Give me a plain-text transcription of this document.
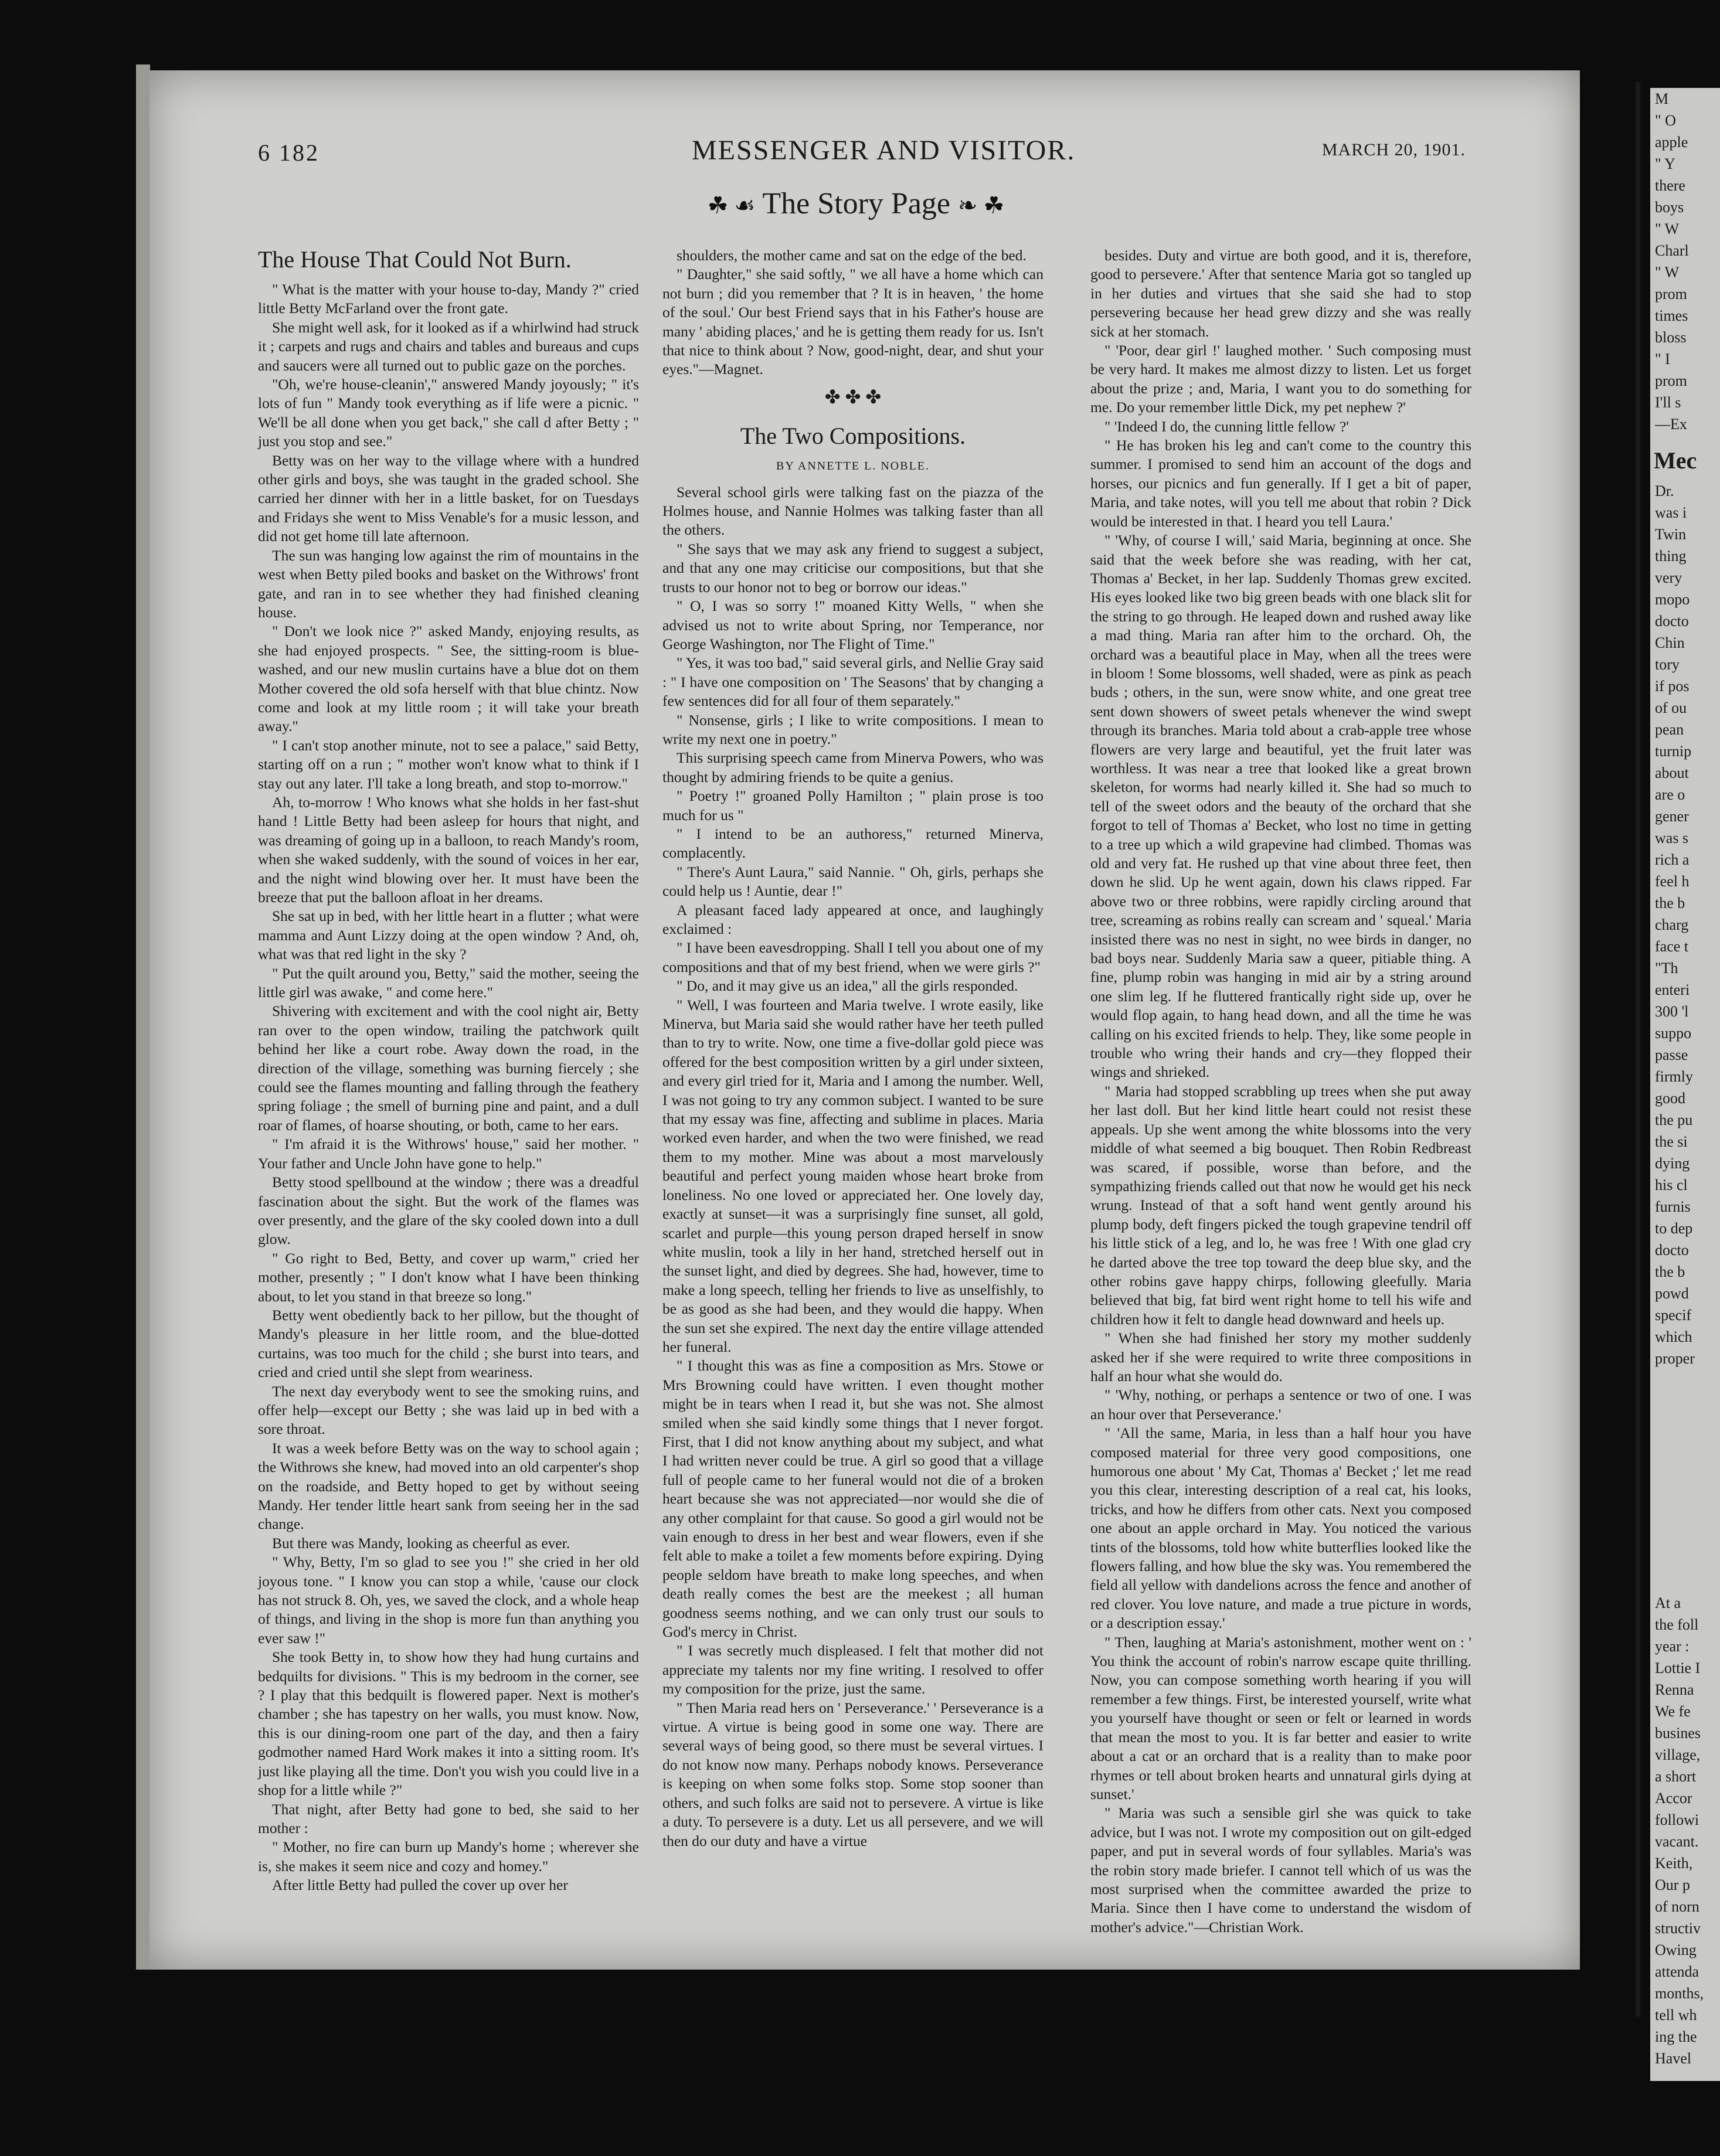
6 182	MESSENGER AND VISITOR.	MARCH 20, 1901.
☘ ☙ The Story Page ❧ ☘
The House That Could Not Burn.

" What is the matter with your house to-day, Mandy ?" cried little Betty McFarland over the front gate.

She might well ask, for it looked as if a whirlwind had struck it ; carpets and rugs and chairs and tables and bureaus and cups and saucers were all turned out to public gaze on the porches.

"Oh, we're house-cleanin'," answered Mandy joyously; " it's lots of fun " Mandy took everything as if life were a picnic. " We'll be all done when you get back," she call d after Betty ; " just you stop and see."

Betty was on her way to the village where with a hundred other girls and boys, she was taught in the graded school. She carried her dinner with her in a little basket, for on Tuesdays and Fridays she went to Miss Venable's for a music lesson, and did not get home till late afternoon.

The sun was hanging low against the rim of mountains in the west when Betty piled books and basket on the Withrows' front gate, and ran in to see whether they had finished cleaning house.

" Don't we look nice ?" asked Mandy, enjoying results, as she had enjoyed prospects. " See, the sitting-room is blue-washed, and our new muslin curtains have a blue dot on them Mother covered the old sofa herself with that blue chintz. Now come and look at my little room ; it will take your breath away."

" I can't stop another minute, not to see a palace," said Betty, starting off on a run ; " mother won't know what to think if I stay out any later. I'll take a long breath, and stop to-morrow."

Ah, to-morrow ! Who knows what she holds in her fast-shut hand ! Little Betty had been asleep for hours that night, and was dreaming of going up in a balloon, to reach Mandy's room, when she waked suddenly, with the sound of voices in her ear, and the night wind blowing over her. It must have been the breeze that put the balloon afloat in her dreams.

She sat up in bed, with her little heart in a flutter ; what were mamma and Aunt Lizzy doing at the open window ? And, oh, what was that red light in the sky ?

" Put the quilt around you, Betty," said the mother, seeing the little girl was awake, " and come here."

Shivering with excitement and with the cool night air, Betty ran over to the open window, trailing the patchwork quilt behind her like a court robe. Away down the road, in the direction of the village, something was burning fiercely ; she could see the flames mounting and falling through the feathery spring foliage ; the smell of burning pine and paint, and a dull roar of flames, of hoarse shouting, or both, came to her ears.

" I'm afraid it is the Withrows' house," said her mother. " Your father and Uncle John have gone to help."

Betty stood spellbound at the window ; there was a dreadful fascination about the sight. But the work of the flames was over presently, and the glare of the sky cooled down into a dull glow.

" Go right to Bed, Betty, and cover up warm," cried her mother, presently ; " I don't know what I have been thinking about, to let you stand in that breeze so long."

Betty went obediently back to her pillow, but the thought of Mandy's pleasure in her little room, and the blue-dotted curtains, was too much for the child ; she burst into tears, and cried and cried until she slept from weariness.

The next day everybody went to see the smoking ruins, and offer help—except our Betty ; she was laid up in bed with a sore throat.

It was a week before Betty was on the way to school again ; the Withrows she knew, had moved into an old carpenter's shop on the roadside, and Betty hoped to get by without seeing Mandy. Her tender little heart sank from seeing her in the sad change.

But there was Mandy, looking as cheerful as ever.

" Why, Betty, I'm so glad to see you !" she cried in her old joyous tone. " I know you can stop a while, 'cause our clock has not struck 8. Oh, yes, we saved the clock, and a whole heap of things, and living in the shop is more fun than anything you ever saw !"

She took Betty in, to show how they had hung curtains and bedquilts for divisions. " This is my bedroom in the corner, see ? I play that this bedquilt is flowered paper. Next is mother's chamber ; she has tapestry on her walls, you must know. Now, this is our dining-room one part of the day, and then a fairy godmother named Hard Work makes it into a sitting room. It's just like playing all the time. Don't you wish you could live in a shop for a little while ?"

That night, after Betty had gone to bed, she said to her mother :

" Mother, no fire can burn up Mandy's home ; wherever she is, she makes it seem nice and cozy and homey."

After little Betty had pulled the cover up over her

shoulders, the mother came and sat on the edge of the bed.

" Daughter," she said softly, " we all have a home which can not burn ; did you remember that ? It is in heaven, ' the home of the soul.' Our best Friend says that in his Father's house are many ' abiding places,' and he is getting them ready for us. Isn't that nice to think about ? Now, good-night, dear, and shut your eyes."—Magnet.

✤ ✤ ✤

The Two Compositions.

BY ANNETTE L. NOBLE.

Several school girls were talking fast on the piazza of the Holmes house, and Nannie Holmes was talking faster than all the others.

" She says that we may ask any friend to suggest a subject, and that any one may criticise our compositions, but that she trusts to our honor not to beg or borrow our ideas."

" O, I was so sorry !" moaned Kitty Wells, " when she advised us not to write about Spring, nor Temperance, nor George Washington, nor The Flight of Time."

" Yes, it was too bad," said several girls, and Nellie Gray said : " I have one composition on ' The Seasons' that by changing a few sentences did for all four of them separately."

" Nonsense, girls ; I like to write compositions. I mean to write my next one in poetry."

This surprising speech came from Minerva Powers, who was thought by admiring friends to be quite a genius.

" Poetry !" groaned Polly Hamilton ; " plain prose is too much for us "

" I intend to be an authoress," returned Minerva, complacently.

" There's Aunt Laura," said Nannie. " Oh, girls, perhaps she could help us ! Auntie, dear !"

A pleasant faced lady appeared at once, and laughingly exclaimed :

" I have been eavesdropping. Shall I tell you about one of my compositions and that of my best friend, when we were girls ?"

" Do, and it may give us an idea," all the girls responded.

" Well, I was fourteen and Maria twelve. I wrote easily, like Minerva, but Maria said she would rather have her teeth pulled than to try to write. Now, one time a five-dollar gold piece was offered for the best composition written by a girl under sixteen, and every girl tried for it, Maria and I among the number. Well, I was not going to try any common subject. I wanted to be sure that my essay was fine, affecting and sublime in places. Maria worked even harder, and when the two were finished, we read them to my mother. Mine was about a most marvelously beautiful and perfect young maiden whose heart broke from loneliness. No one loved or appreciated her. One lovely day, exactly at sunset—it was a surprisingly fine sunset, all gold, scarlet and purple—this young person draped herself in snow white muslin, took a lily in her hand, stretched herself out in the sunset light, and died by degrees. She had, however, time to make a long speech, telling her friends to live as unselfishly, to be as good as she had been, and they would die happy. When the sun set she expired. The next day the entire village attended her funeral.

" I thought this was as fine a composition as Mrs. Stowe or Mrs Browning could have written. I even thought mother might be in tears when I read it, but she was not. She almost smiled when she said kindly some things that I never forgot. First, that I did not know anything about my subject, and what I had written never could be true. A girl so good that a village full of people came to her funeral would not die of a broken heart because she was not appreciated—nor would she die of any other complaint for that cause. So good a girl would not be vain enough to dress in her best and wear flowers, even if she felt able to make a toilet a few moments before expiring. Dying people seldom have breath to make long speeches, and when death really comes the best are the meekest ; all human goodness seems nothing, and we can only trust our souls to God's mercy in Christ.

" I was secretly much displeased. I felt that mother did not appreciate my talents nor my fine writing. I resolved to offer my composition for the prize, just the same.

" Then Maria read hers on ' Perseverance.' ' Perseverance is a virtue. A virtue is being good in some one way. There are several ways of being good, so there must be several virtues. I do not know now many. Perhaps nobody knows. Perseverance is keeping on when some folks stop. Some stop sooner than others, and such folks are said not to persevere. A virtue is like a duty. To persevere is a duty. Let us all persevere, and we will then do our duty and have a virtue

besides. Duty and virtue are both good, and it is, therefore, good to persevere.' After that sentence Maria got so tangled up in her duties and virtues that she said she had to stop persevering because her head grew dizzy and she was really sick at her stomach.

" 'Poor, dear girl !' laughed mother. ' Such composing must be very hard. It makes me almost dizzy to listen. Let us forget about the prize ; and, Maria, I want you to do something for me. Do your remember little Dick, my pet nephew ?'

" 'Indeed I do, the cunning little fellow ?'

" He has broken his leg and can't come to the country this summer. I promised to send him an account of the dogs and horses, our picnics and fun generally. If I get a bit of paper, Maria, and take notes, will you tell me about that robin ? Dick would be interested in that. I heard you tell Laura.'

" 'Why, of course I will,' said Maria, beginning at once. She said that the week before she was reading, with her cat, Thomas a' Becket, in her lap. Suddenly Thomas grew excited. His eyes looked like two big green beads with one black slit for the string to go through. He leaped down and rushed away like a mad thing. Maria ran after him to the orchard. Oh, the orchard was a beautiful place in May, when all the trees were in bloom ! Some blossoms, well shaded, were as pink as peach buds ; others, in the sun, were snow white, and one great tree sent down showers of sweet petals whenever the wind swept through its branches. Maria told about a crab-apple tree whose flowers are very large and beautiful, yet the fruit later was worthless. It was near a tree that looked like a great brown skeleton, for worms had nearly killed it. She had so much to tell of the sweet odors and the beauty of the orchard that she forgot to tell of Thomas a' Becket, who lost no time in getting to a tree up which a wild grapevine had climbed. Thomas was old and very fat. He rushed up that vine about three feet, then down he slid. Up he went again, down his claws ripped. Far above two or three robbins, were rapidly circling around that tree, screaming as robins really can scream and ' squeal.' Maria insisted there was no nest in sight, no wee birds in danger, no bad boys near. Suddenly Maria saw a queer, pitiable thing. A fine, plump robin was hanging in mid air by a string around one slim leg. If he fluttered frantically right side up, over he would flop again, to hang head down, and all the time he was calling on his excited friends to help. They, like some people in trouble who wring their hands and cry—they flopped their wings and shrieked.

" Maria had stopped scrabbling up trees when she put away her last doll. But her kind little heart could not resist these appeals. Up she went among the white blossoms into the very middle of what seemed a big bouquet. Then Robin Redbreast was scared, if possible, worse than before, and the sympathizing friends called out that now he would get his neck wrung. Instead of that a soft hand went gently around his plump body, deft fingers picked the tough grapevine tendril off his little stick of a leg, and lo, he was free ! With one glad cry he darted above the tree top toward the deep blue sky, and the other robins gave happy chirps, following gleefully. Maria believed that big, fat bird went right home to tell his wife and children how it felt to dangle head downward and heels up.

" When she had finished her story my mother suddenly asked her if she were required to write three compositions in half an hour what she would do.

" 'Why, nothing, or perhaps a sentence or two of one. I was an hour over that Perseverance.'

" 'All the same, Maria, in less than a half hour you have composed material for three very good compositions, one humorous one about ' My Cat, Thomas a' Becket ;' let me read you this clear, interesting description of a real cat, his looks, tricks, and how he differs from other cats. Next you composed one about an apple orchard in May. You noticed the various tints of the blossoms, told how white butterflies looked like the flowers falling, and how blue the sky was. You remembered the field all yellow with dandelions across the fence and another of red clover. You love nature, and made a true picture in words, or a description essay.'

" Then, laughing at Maria's astonishment, mother went on : ' You think the account of robin's narrow escape quite thrilling. Now, you can compose something worth hearing if you will remember a few things. First, be interested yourself, write what you yourself have thought or seen or felt or learned in words that mean the most to you. It is far better and easier to write about a cat or an orchard that is a reality than to make poor rhymes or tell about broken hearts and unnatural girls dying at sunset.'

" Maria was such a sensible girl she was quick to take advice, but I was not. I wrote my composition out on gilt-edged paper, and put in several words of four syllables. Maria's was the robin story made briefer. I cannot tell which of us was the most surprised when the committee awarded the prize to Maria. Since then I have come to understand the wisdom of mother's advice."—Christian Work.

M
" O
apple
" Y
there
boys
" W
Charl
" W
prom
times
bloss
" I
prom
I'll s
—Ex
Mec
Dr.
was i
Twin
thing
very
mopo
docto
Chin
tory
if pos
of ou
pean
turnip
about
are o
gener
was s
rich a
feel h
the b
charg
face t
"Th
enteri
300 'l
suppo
passe
firmly
good
the pu
the si
dying
his cl
furnis
to dep
docto
the b
powd
specif
which
proper
At a
the foll
year :
Lottie I
Renna
We fe
busines
village,
a short
Accor
followi
vacant.
Keith,
Our p
of norn
structiv
Owing
attenda
months,
tell wh
ing the
Havel
